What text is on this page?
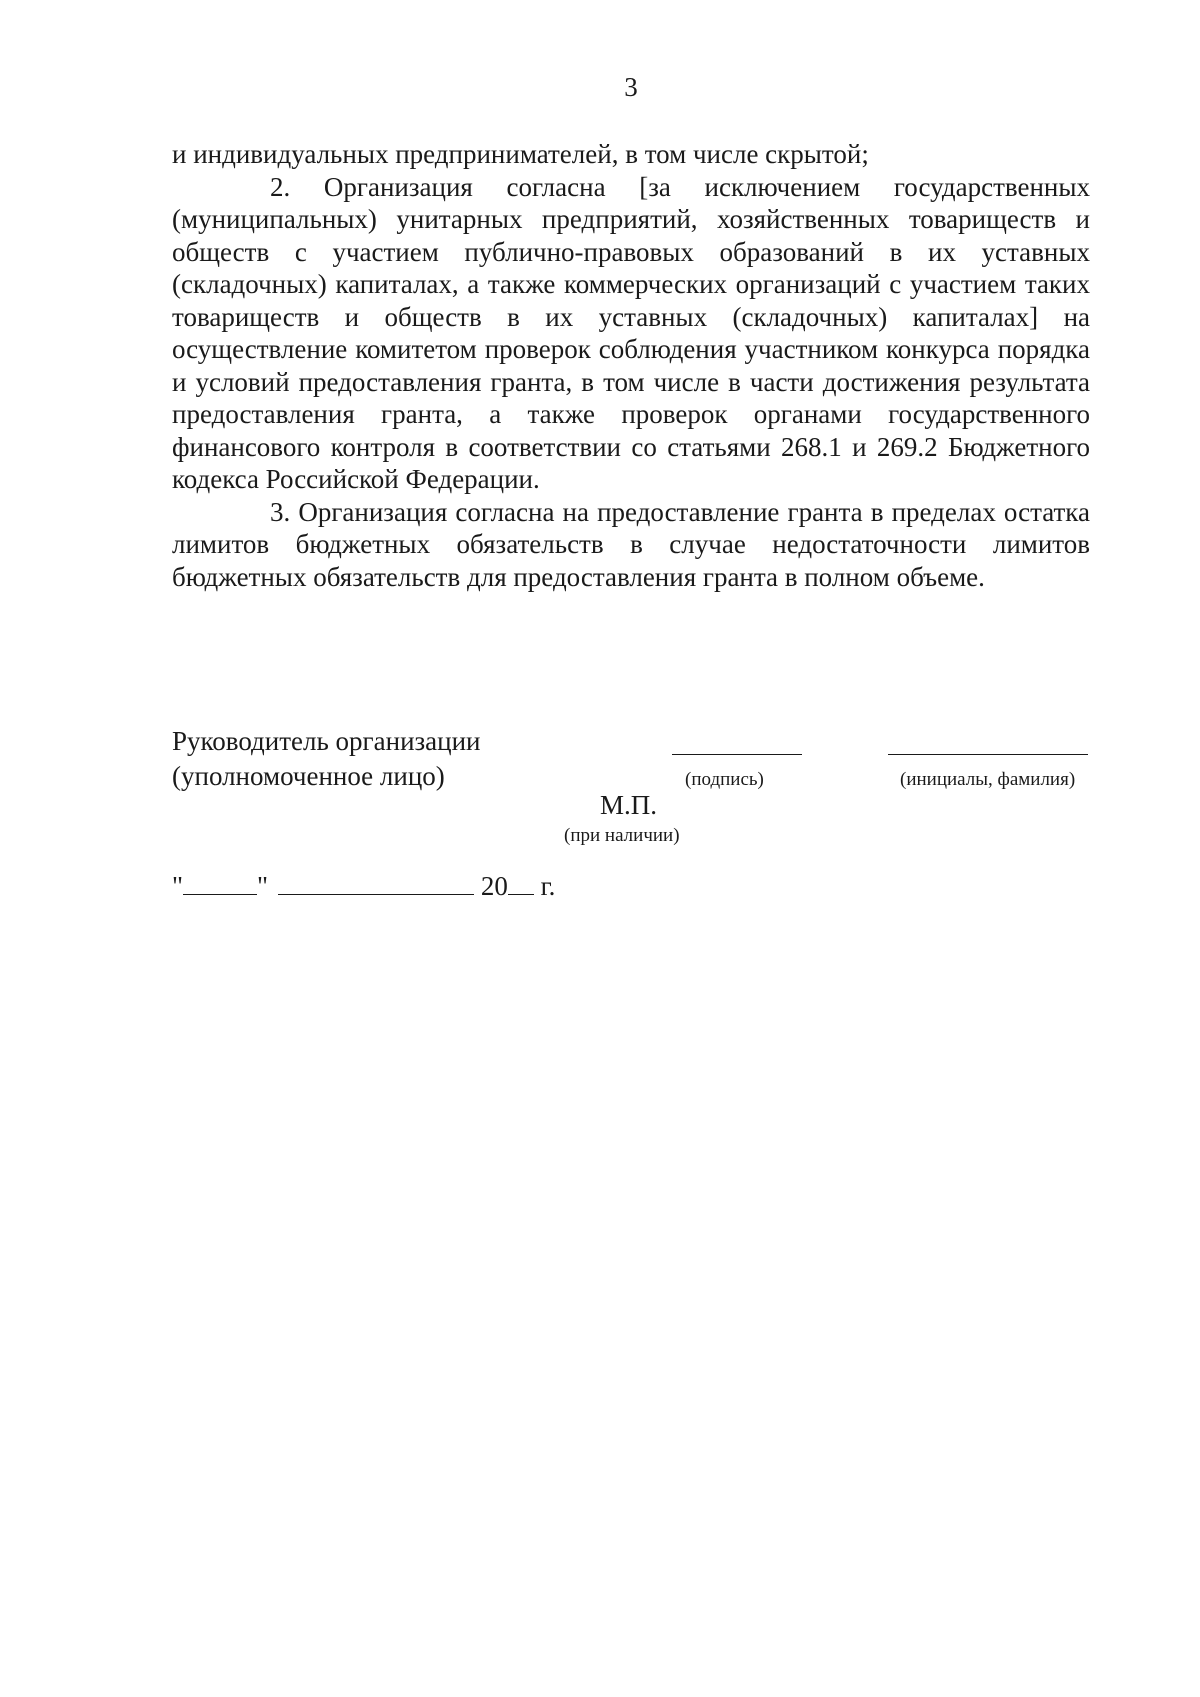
3

и индивидуальных предпринимателей, в том числе скрытой;

2. Организация согласна [за исключением государственных (муниципальных) унитарных предприятий, хозяйственных товариществ и обществ с участием публично-правовых образований в их уставных (складочных) капиталах, а также коммерческих организаций с участием таких товариществ и обществ в их уставных (складочных) капиталах] на осуществление комитетом проверок соблюдения участником конкурса порядка и условий предоставления гранта, в том числе в части достижения результата предоставления гранта, а также проверок органами государственного финансового контроля в соответствии со статьями 268.1 и 269.2 Бюджетного кодекса Российской Федерации.

3. Организация согласна на предоставление гранта в пределах остатка лимитов бюджетных обязательств в случае недостаточности лимитов бюджетных обязательств для предоставления гранта в полном объеме.

Руководитель организации
(уполномоченное лицо)	(подпись)	(инициалы, фамилия)
М.П.
(при наличии)
"	"	20 г.
